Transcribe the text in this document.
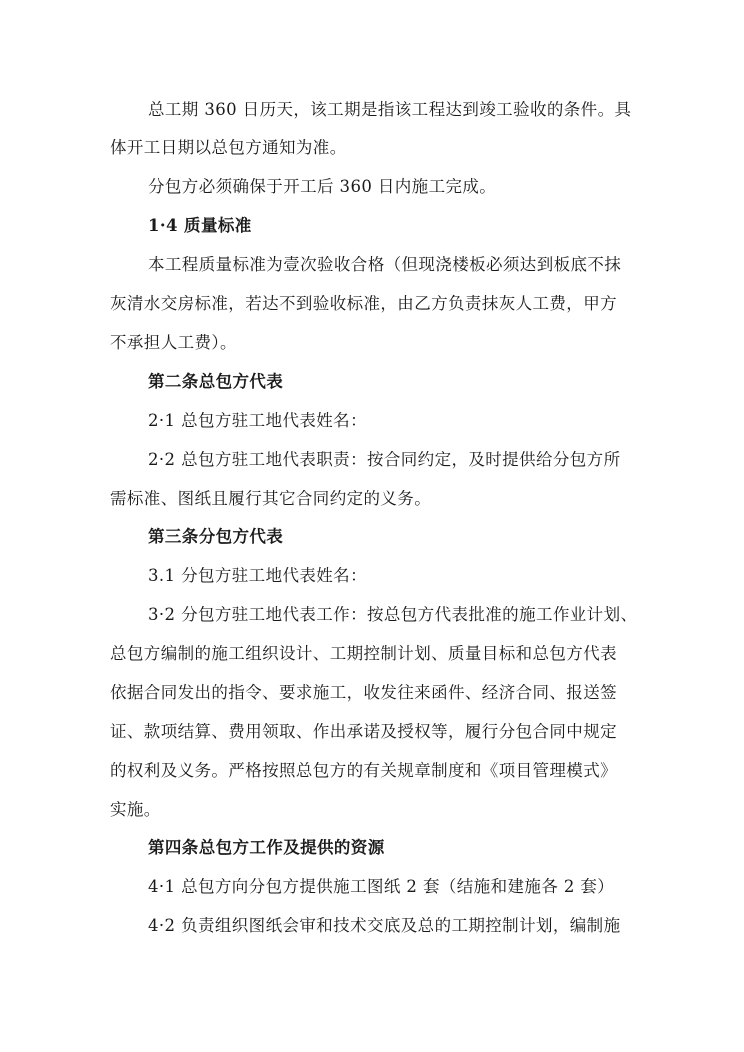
总工期 360 日历天，该工期是指该工程达到竣工验收的条件。具
体开工日期以总包方通知为准。
分包方必须确保于开工后 360 日内施工完成。
1·4 质量标准
本工程质量标准为壹次验收合格（但现浇楼板必须达到板底不抹
灰清水交房标准，若达不到验收标准，由乙方负责抹灰人工费，甲方
不承担人工费）。
第二条总包方代表
2·1 总包方驻工地代表姓名：
2·2 总包方驻工地代表职责：按合同约定，及时提供给分包方所
需标准、图纸且履行其它合同约定的义务。
第三条分包方代表
3.1 分包方驻工地代表姓名：
3·2 分包方驻工地代表工作：按总包方代表批准的施工作业计划、
总包方编制的施工组织设计、工期控制计划、质量目标和总包方代表
依据合同发出的指令、要求施工，收发往来函件、经济合同、报送签
证、款项结算、费用领取、作出承诺及授权等，履行分包合同中规定
的权利及义务。严格按照总包方的有关规章制度和《项目管理模式》
实施。
第四条总包方工作及提供的资源
4·1 总包方向分包方提供施工图纸 2 套（结施和建施各 2 套）
4·2 负责组织图纸会审和技术交底及总的工期控制计划，编制施
